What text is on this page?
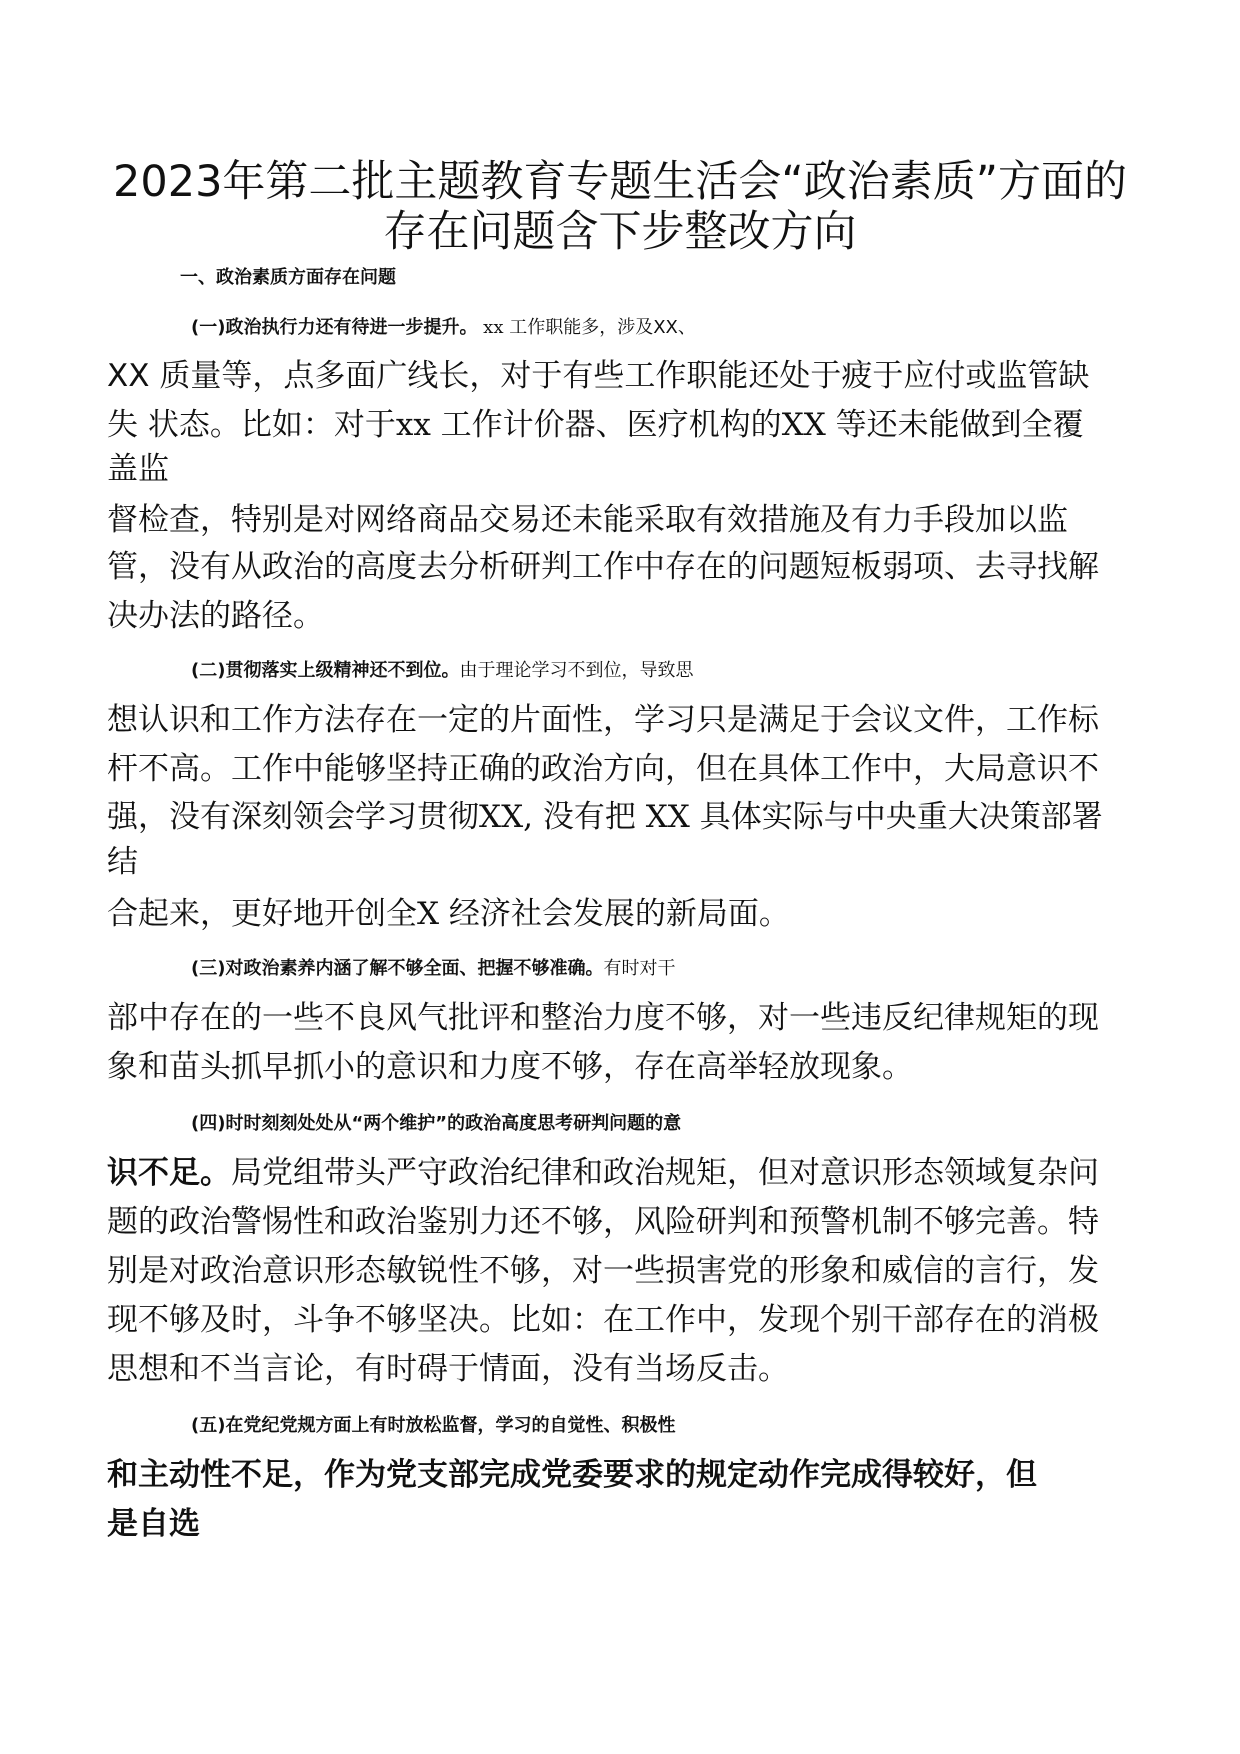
2023年第二批主题教育专题生活会“政治素质”方面的
存在问题含下步整改方向

一、政治素质方面存在问题

(一)政治执行力还有待进一步提升。 xx 工作职能多，涉及XX、

XX 质量等，点多面广线长，对于有些工作职能还处于疲于应付或监管缺

失 状态。比如：对于xx 工作计价器、医疗机构的XX 等还未能做到全覆

盖监

督检查，特别是对网络商品交易还未能采取有效措施及有力手段加以监

管，没有从政治的高度去分析研判工作中存在的问题短板弱项、去寻找解

决办法的路径。

(二)贯彻落实上级精神还不到位。由于理论学习不到位，导致思

想认识和工作方法存在一定的片面性，学习只是满足于会议文件，工作标

杆不高。工作中能够坚持正确的政治方向，但在具体工作中，大局意识不

强，没有深刻领会学习贯彻XX, 没有把 XX 具体实际与中央重大决策部署

结

合起来，更好地开创全X 经济社会发展的新局面。

(三)对政治素养内涵了解不够全面、把握不够准确。有时对干

部中存在的一些不良风气批评和整治力度不够，对一些违反纪律规矩的现

象和苗头抓早抓小的意识和力度不够，存在高举轻放现象。

(四)时时刻刻处处从“两个维护”的政治高度思考研判问题的意

识不足。局党组带头严守政治纪律和政治规矩，但对意识形态领域复杂问

题的政治警惕性和政治鉴别力还不够，风险研判和预警机制不够完善。特

别是对政治意识形态敏锐性不够，对一些损害党的形象和威信的言行，发

现不够及时，斗争不够坚决。比如：在工作中，发现个别干部存在的消极

思想和不当言论，有时碍于情面，没有当场反击。

(五)在党纪党规方面上有时放松监督，学习的自觉性、积极性

和主动性不足，作为党支部完成党委要求的规定动作完成得较好，但

是自选
